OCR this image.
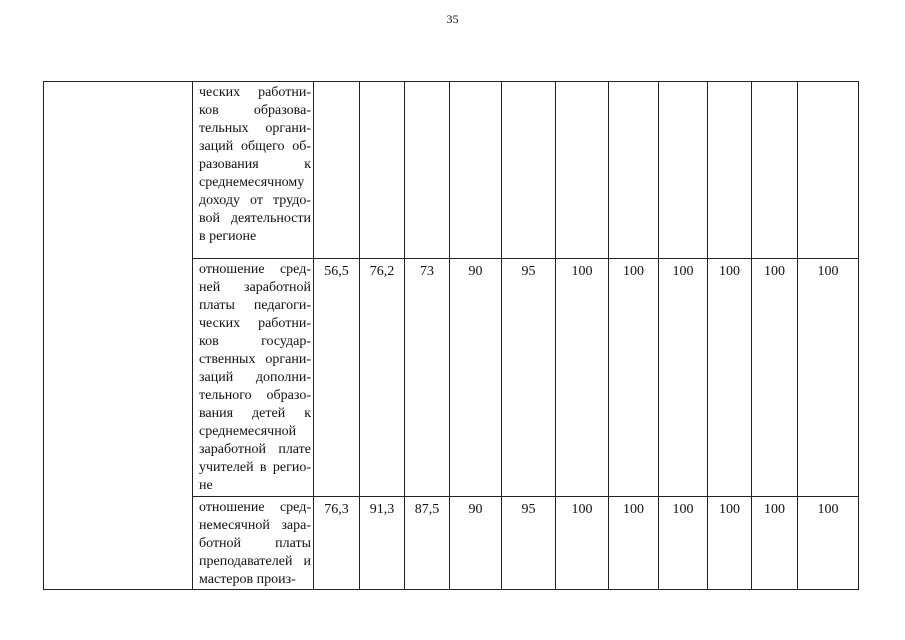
35
	ческих работников образовательных организаций общего образования к среднемесячному доходу от трудовой деятельности в регионе											
	отношение средней заработной платы педагогических работников государственных организаций дополнительного образования детей к среднемесячной заработной плате учителей в регионе	56,5	76,2	73	90	95	100	100	100	100	100	100
	отношение среднемесячной заработной платы преподавателей и мастеров произ-	76,3	91,3	87,5	90	95	100	100	100	100	100	100
